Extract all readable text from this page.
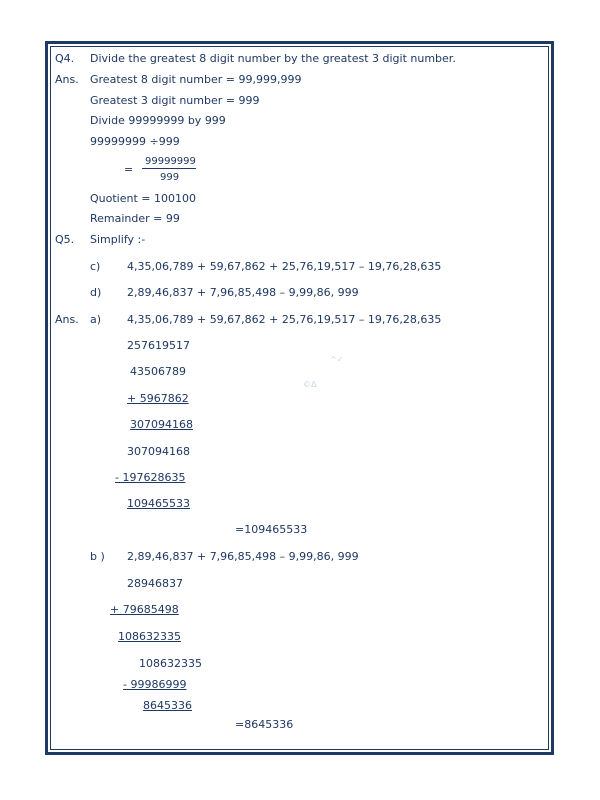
Q4. Divide the greatest 8 digit number by the greatest 3 digit number.
Ans. Greatest 8 digit number = 99,999,999
Greatest 3 digit number = 999
Divide 99999999 by 999
99999999 ÷999
=
99999999
999
Quotient = 100100
Remainder = 99
Q5. Simplify :-
c) 4,35,06,789 + 59,67,862 + 25,76,19,517 – 19,76,28,635
d) 2,89,46,837 + 7,96,85,498 – 9,99,86, 999
Ans. a) 4,35,06,789 + 59,67,862 + 25,76,19,517 – 19,76,28,635
257619517
43506789
+ 5967862
307094168
307094168
- 197628635
109465533
=109465533
b ) 2,89,46,837 + 7,96,85,498 – 9,99,86, 999
28946837
+ 79685498
108632335
108632335
- 99986999
8645336
=8645336
^✓
©Δ
